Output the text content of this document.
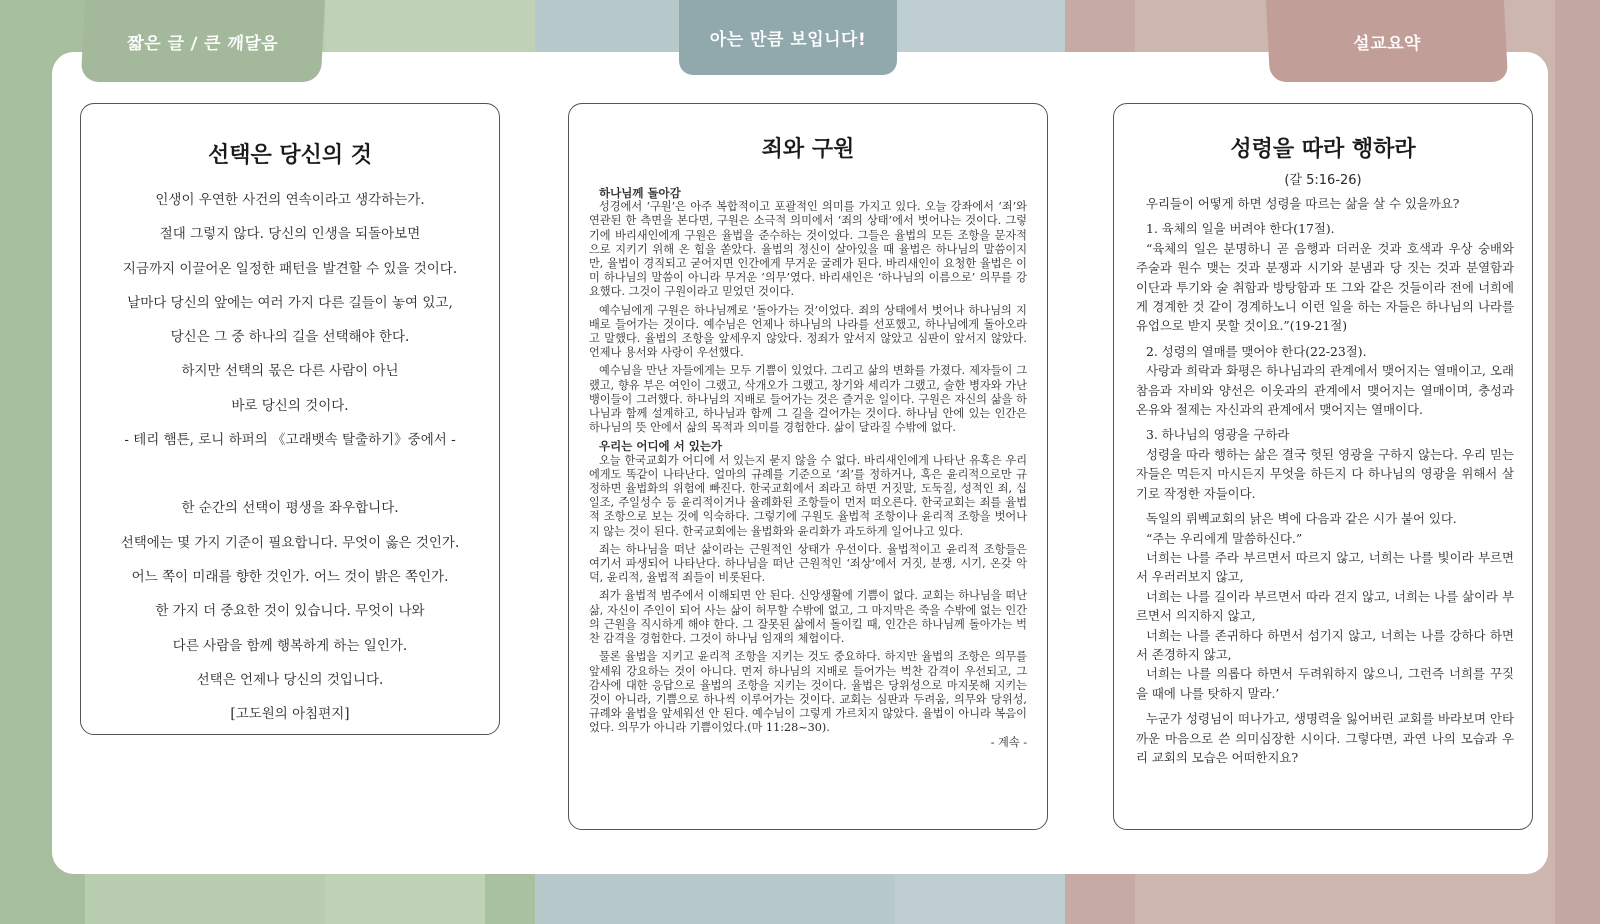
짧은 글 / 큰 깨달음	아는 만큼 보입니다!	설교요약
선택은 당신의 것
인생이 우연한 사건의 연속이라고 생각하는가.
절대 그렇지 않다. 당신의 인생을 되돌아보면
지금까지 이끌어온 일정한 패턴을 발견할 수 있을 것이다.
날마다 당신의 앞에는 여러 가지 다른 길들이 놓여 있고,
당신은 그 중 하나의 길을 선택해야 한다.
하지만 선택의 몫은 다른 사람이 아닌
바로 당신의 것이다.
- 테리 햄튼, 로니 하퍼의 《고래뱃속 탈출하기》중에서 -
한 순간의 선택이 평생을 좌우합니다.
선택에는 몇 가지 기준이 필요합니다. 무엇이 옳은 것인가.
어느 쪽이 미래를 향한 것인가. 어느 것이 밝은 쪽인가.
한 가지 더 중요한 것이 있습니다. 무엇이 나와
다른 사람을 함께 행복하게 하는 일인가.
선택은 언제나 당신의 것입니다.
[고도원의 아침편지]
죄와 구원
하나님께 돌아감

성경에서 ‘구원’은 아주 복합적이고 포괄적인 의미를 가지고 있다. 오늘 강좌에서 ‘죄’와 연관된 한 측면을 본다면, 구원은 소극적 의미에서 ‘죄의 상태’에서 벗어나는 것이다. 그렇기에 바리새인에게 구원은 율법을 준수하는 것이었다. 그들은 율법의 모든 조항을 문자적으로 지키기 위해 온 힘을 쏟았다. 율법의 정신이 살아있을 때 율법은 하나님의 말씀이지만, 율법이 경직되고 굳어지면 인간에게 무거운 굴레가 된다. 바리새인이 요청한 율법은 이미 하나님의 말씀이 아니라 무거운 ‘의무’였다. 바리새인은 ‘하나님의 이름으로’ 의무를 강요했다. 그것이 구원이라고 믿었던 것이다.

예수님에게 구원은 하나님께로 ‘돌아가는 것’이었다. 죄의 상태에서 벗어나 하나님의 지배로 들어가는 것이다. 예수님은 언제나 하나님의 나라를 선포했고, 하나님에게 돌아오라고 말했다. 율법의 조항을 앞세우지 않았다. 정죄가 앞서지 않았고 심판이 앞서지 않았다. 언제나 용서와 사랑이 우선했다.

예수님을 만난 자들에게는 모두 기쁨이 있었다. 그리고 삶의 변화를 가졌다. 제자들이 그랬고, 향유 부은 여인이 그랬고, 삭개오가 그랬고, 창기와 세리가 그랬고, 술한 병자와 가난뱅이들이 그러했다. 하나님의 지배로 들어가는 것은 즐거운 일이다. 구원은 자신의 삶을 하나님과 함께 설계하고, 하나님과 함께 그 길을 걸어가는 것이다. 하나님 안에 있는 인간은 하나님의 뜻 안에서 삶의 목적과 의미를 경험한다. 삶이 달라질 수밖에 없다.

우리는 어디에 서 있는가

오늘 한국교회가 어디에 서 있는지 묻지 않을 수 없다. 바리새인에게 나타난 유혹은 우리에게도 똑같이 나타난다. 얼마의 규례를 기준으로 ‘죄’를 정하거나, 혹은 윤리적으로만 규정하면 율법화의 위험에 빠진다. 한국교회에서 죄라고 하면 거짓말, 도둑질, 성적인 죄, 십일조, 주일성수 등 윤리적이거나 율례화된 조항들이 먼저 떠오른다. 한국교회는 죄를 율법적 조항으로 보는 것에 익숙하다. 그렇기에 구원도 율법적 조항이나 윤리적 조항을 벗어나지 않는 것이 된다. 한국교회에는 율법화와 윤리화가 과도하게 일어나고 있다.

죄는 하나님을 떠난 삶이라는 근원적인 상태가 우선이다. 율법적이고 윤리적 조항들은 여기서 파생되어 나타난다. 하나님을 떠난 근원적인 ‘죄상’에서 거짓, 분쟁, 시기, 온갖 악덕, 윤리적, 율법적 죄들이 비롯된다.

죄가 율법적 범주에서 이해되면 안 된다. 신앙생활에 기쁨이 없다. 교회는 하나님을 떠난 삶, 자신이 주인이 되어 사는 삶이 허무할 수밖에 없고, 그 마지막은 죽을 수밖에 없는 인간의 근원을 직시하게 해야 한다. 그 잘못된 삶에서 돌이킬 때, 인간은 하나님께 돌아가는 벅찬 감격을 경험한다. 그것이 하나님 임재의 체험이다.

물론 율법을 지키고 윤리적 조항을 지키는 것도 중요하다. 하지만 율법의 조항은 의무를 앞세워 강요하는 것이 아니다. 먼저 하나님의 지배로 들어가는 벅찬 감격이 우선되고, 그 감사에 대한 응답으로 율법의 조항을 지키는 것이다. 율법은 당위성으로 마지못해 지키는 것이 아니라, 기쁨으로 하나씩 이루어가는 것이다. 교회는 심판과 두려움, 의무와 당위성, 규례와 율법을 앞세워선 안 된다. 예수님이 그렇게 가르치지 않았다. 율법이 아니라 복음이었다. 의무가 아니라 기쁨이었다.(마 11:28~30).

- 계속 -
성령을 따라 행하라
(갈 5:16-26)

우리들이 어떻게 하면 성령을 따르는 삶을 살 수 있을까요?

1. 육체의 일을 버려야 한다(17절).

“육체의 일은 분명하니 곧 음행과 더러운 것과 호색과 우상 숭배와 주술과 원수 맺는 것과 분쟁과 시기와 분냄과 당 짓는 것과 분열함과 이단과 투기와 술 취함과 방탕함과 또 그와 같은 것들이라 전에 너희에게 경계한 것 같이 경계하노니 이런 일을 하는 자들은 하나님의 나라를 유업으로 받지 못할 것이요.”(19-21절)

2. 성령의 열매를 맺어야 한다(22-23절).

사랑과 희락과 화평은 하나님과의 관계에서 맺어지는 열매이고, 오래 참음과 자비와 양선은 이웃과의 관계에서 맺어지는 열매이며, 충성과 온유와 절제는 자신과의 관계에서 맺어지는 열매이다.

3. 하나님의 영광을 구하라

성령을 따라 행하는 삶은 결국 헛된 영광을 구하지 않는다. 우리 믿는 자들은 먹든지 마시든지 무엇을 하든지 다 하나님의 영광을 위해서 살기로 작정한 자들이다.

독일의 뤼벡교회의 낡은 벽에 다음과 같은 시가 붙어 있다.

“주는 우리에게 말씀하신다.”

너희는 나를 주라 부르면서 따르지 않고, 너희는 나를 빛이라 부르면서 우러러보지 않고,

너희는 나를 길이라 부르면서 따라 걷지 않고, 너희는 나를 삶이라 부르면서 의지하지 않고,

너희는 나를 존귀하다 하면서 섬기지 않고, 너희는 나를 강하다 하면서 존경하지 않고,

너희는 나를 의롭다 하면서 두려워하지 않으니, 그런즉 너희를 꾸짖을 때에 나를 탓하지 말라.’

누군가 성령님이 떠나가고, 생명력을 잃어버린 교회를 바라보며 안타까운 마음으로 쓴 의미심장한 시이다. 그렇다면, 과연 나의 모습과 우리 교회의 모습은 어떠한지요?
